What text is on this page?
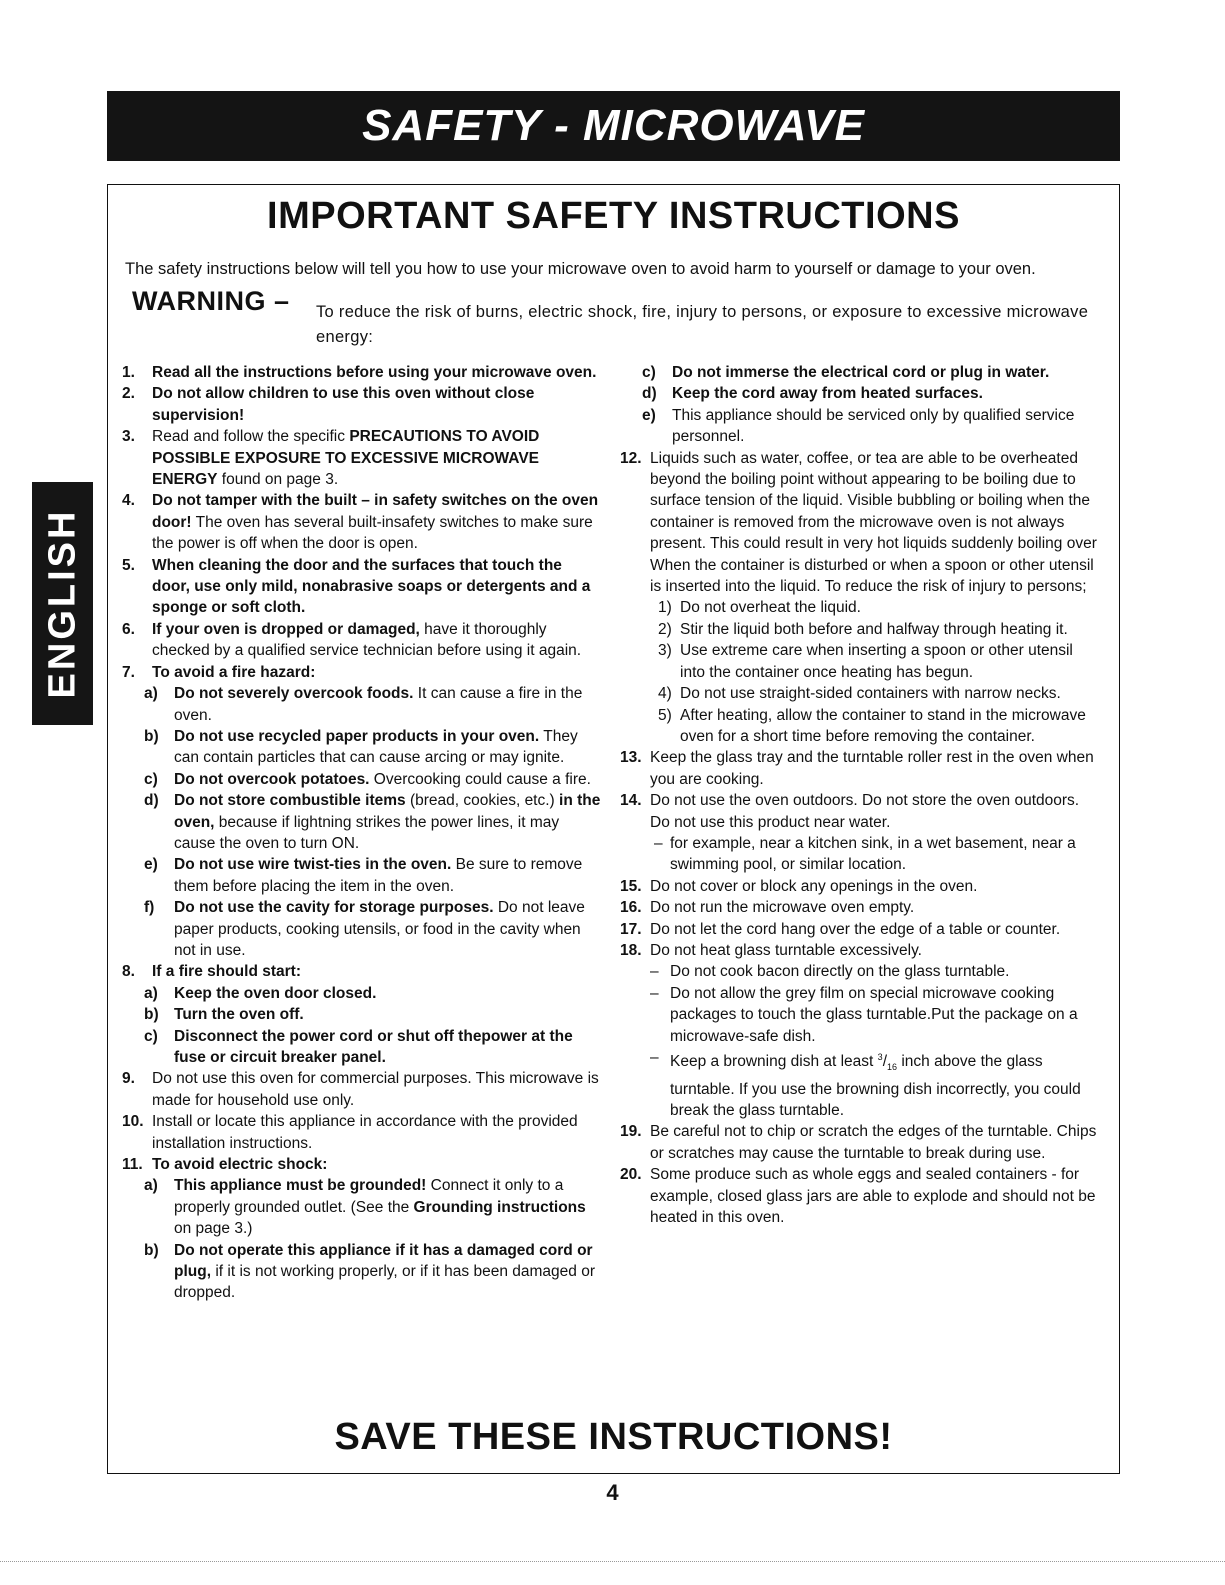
SAFETY - MICROWAVE
ENGLISH
IMPORTANT SAFETY INSTRUCTIONS
The safety instructions below will tell you how to use your microwave oven to avoid harm to yourself or damage to your oven.
WARNING – To reduce the risk of burns, electric shock, fire, injury to persons, or exposure to excessive microwave energy:
1. Read all the instructions before using your microwave oven.
2. Do not allow children to use this oven without close supervision!
3. Read and follow the specific PRECAUTIONS TO AVOID POSSIBLE EXPOSURE TO EXCESSIVE MICROWAVE ENERGY found on page 3.
4. Do not tamper with the built – in safety switches on the oven door! The oven has several built-insafety switches to make sure the power is off when the door is open.
5. When cleaning the door and the surfaces that touch the door, use only mild, nonabrasive soaps or detergents and a sponge or soft cloth.
6. If your oven is dropped or damaged, have it thoroughly checked by a qualified service technician before using it again.
7. To avoid a fire hazard:
a) Do not severely overcook foods. It can cause a fire in the oven.
b) Do not use recycled paper products in your oven. They can contain particles that can cause arcing or may ignite.
c) Do not overcook potatoes. Overcooking could cause a fire.
d) Do not store combustible items (bread, cookies, etc.) in the oven, because if lightning strikes the power lines, it may cause the oven to turn ON.
e) Do not use wire twist-ties in the oven. Be sure to remove them before placing the item in the oven.
f) Do not use the cavity for storage purposes. Do not leave paper products, cooking utensils, or food in the cavity when not in use.
8. If a fire should start:
a) Keep the oven door closed.
b) Turn the oven off.
c) Disconnect the power cord or shut off thepower at the fuse or circuit breaker panel.
9. Do not use this oven for commercial purposes. This microwave is made for household use only.
10. Install or locate this appliance in accordance with the provided installation instructions.
11. To avoid electric shock:
a) This appliance must be grounded! Connect it only to a properly grounded outlet. (See the Grounding instructions on page 3.)
b) Do not operate this appliance if it has a damaged cord or plug, if it is not working properly, or if it has been damaged or dropped.
c) Do not immerse the electrical cord or plug in water.
d) Keep the cord away from heated surfaces.
e) This appliance should be serviced only by qualified service personnel.
12. Liquids such as water, coffee, or tea are able to be overheated beyond the boiling point without appearing to be boiling due to surface tension of the liquid. Visible bubbling or boiling when the container is removed from the microwave oven is not always present. This could result in very hot liquids suddenly boiling over When the container is disturbed or when a spoon or other utensil is inserted into the liquid. To reduce the risk of injury to persons;
1) Do not overheat the liquid.
2) Stir the liquid both before and halfway through heating it.
3) Use extreme care when inserting a spoon or other utensil into the container once heating has begun.
4) Do not use straight-sided containers with narrow necks.
5) After heating, allow the container to stand in the microwave oven for a short time before removing the container.
13. Keep the glass tray and the turntable roller rest in the oven when you are cooking.
14. Do not use the oven outdoors. Do not store the oven outdoors. Do not use this product near water.
– for example, near a kitchen sink, in a wet basement, near a swimming pool, or similar location.
15. Do not cover or block any openings in the oven.
16. Do not run the microwave oven empty.
17. Do not let the cord hang over the edge of a table or counter.
18. Do not heat glass turntable excessively.
– Do not cook bacon directly on the glass turntable.
– Do not allow the grey film on special microwave cooking packages to touch the glass turntable.Put the package on a microwave-safe dish.
– Keep a browning dish at least $^3/_{16}$ inch above the glass turntable. If you use the browning dish incorrectly, you could break the glass turntable.
19. Be careful not to chip or scratch the edges of the turntable. Chips or scratches may cause the turntable to break during use.
20. Some produce such as whole eggs and sealed containers - for example, closed glass jars are able to explode and should not be heated in this oven.
SAVE THESE INSTRUCTIONS!
4
